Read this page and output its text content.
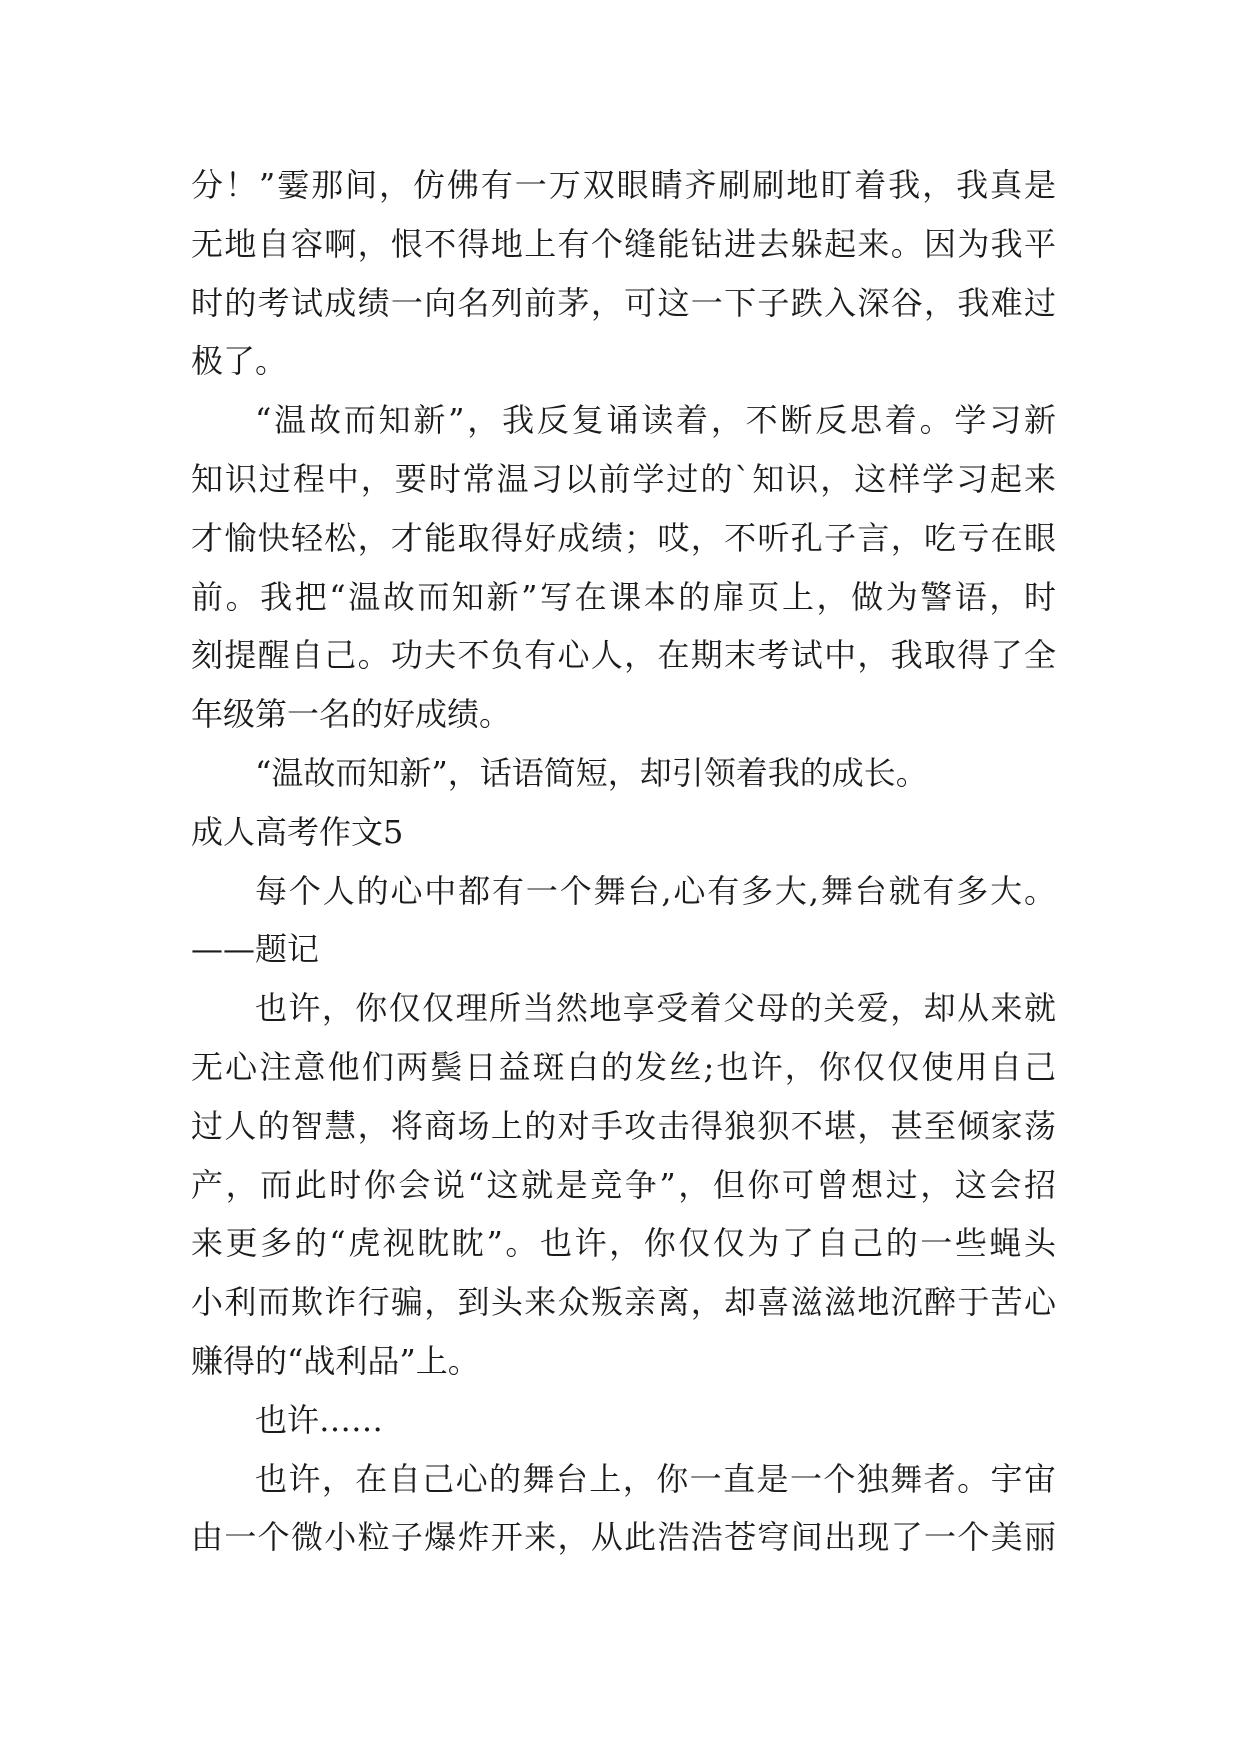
分！”霎那间，仿佛有一万双眼睛齐刷刷地盯着我，我真是
无地自容啊，恨不得地上有个缝能钻进去躲起来。因为我平
时的考试成绩一向名列前茅，可这一下子跌入深谷，我难过
极了。
“温故而知新”，我反复诵读着，不断反思着。学习新
知识过程中，要时常温习以前学过的`知识，这样学习起来
才愉快轻松，才能取得好成绩；哎，不听孔子言，吃亏在眼
前。我把“温故而知新”写在课本的扉页上，做为警语，时
刻提醒自己。功夫不负有心人，在期末考试中，我取得了全
年级第一名的好成绩。
“温故而知新”，话语简短，却引领着我的成长。
成人高考作文5
每个人的心中都有一个舞台,心有多大,舞台就有多大。
——题记
也许，你仅仅理所当然地享受着父母的关爱，却从来就
无心注意他们两鬓日益斑白的发丝;也许，你仅仅使用自己
过人的智慧，将商场上的对手攻击得狼狈不堪，甚至倾家荡
产，而此时你会说“这就是竞争”，但你可曾想过，这会招
来更多的“虎视眈眈”。也许，你仅仅为了自己的一些蝇头
小利而欺诈行骗，到头来众叛亲离，却喜滋滋地沉醉于苦心
赚得的“战利品”上。
也许……
也许，在自己心的舞台上，你一直是一个独舞者。宇宙
由一个微小粒子爆炸开来，从此浩浩苍穹间出现了一个美丽
